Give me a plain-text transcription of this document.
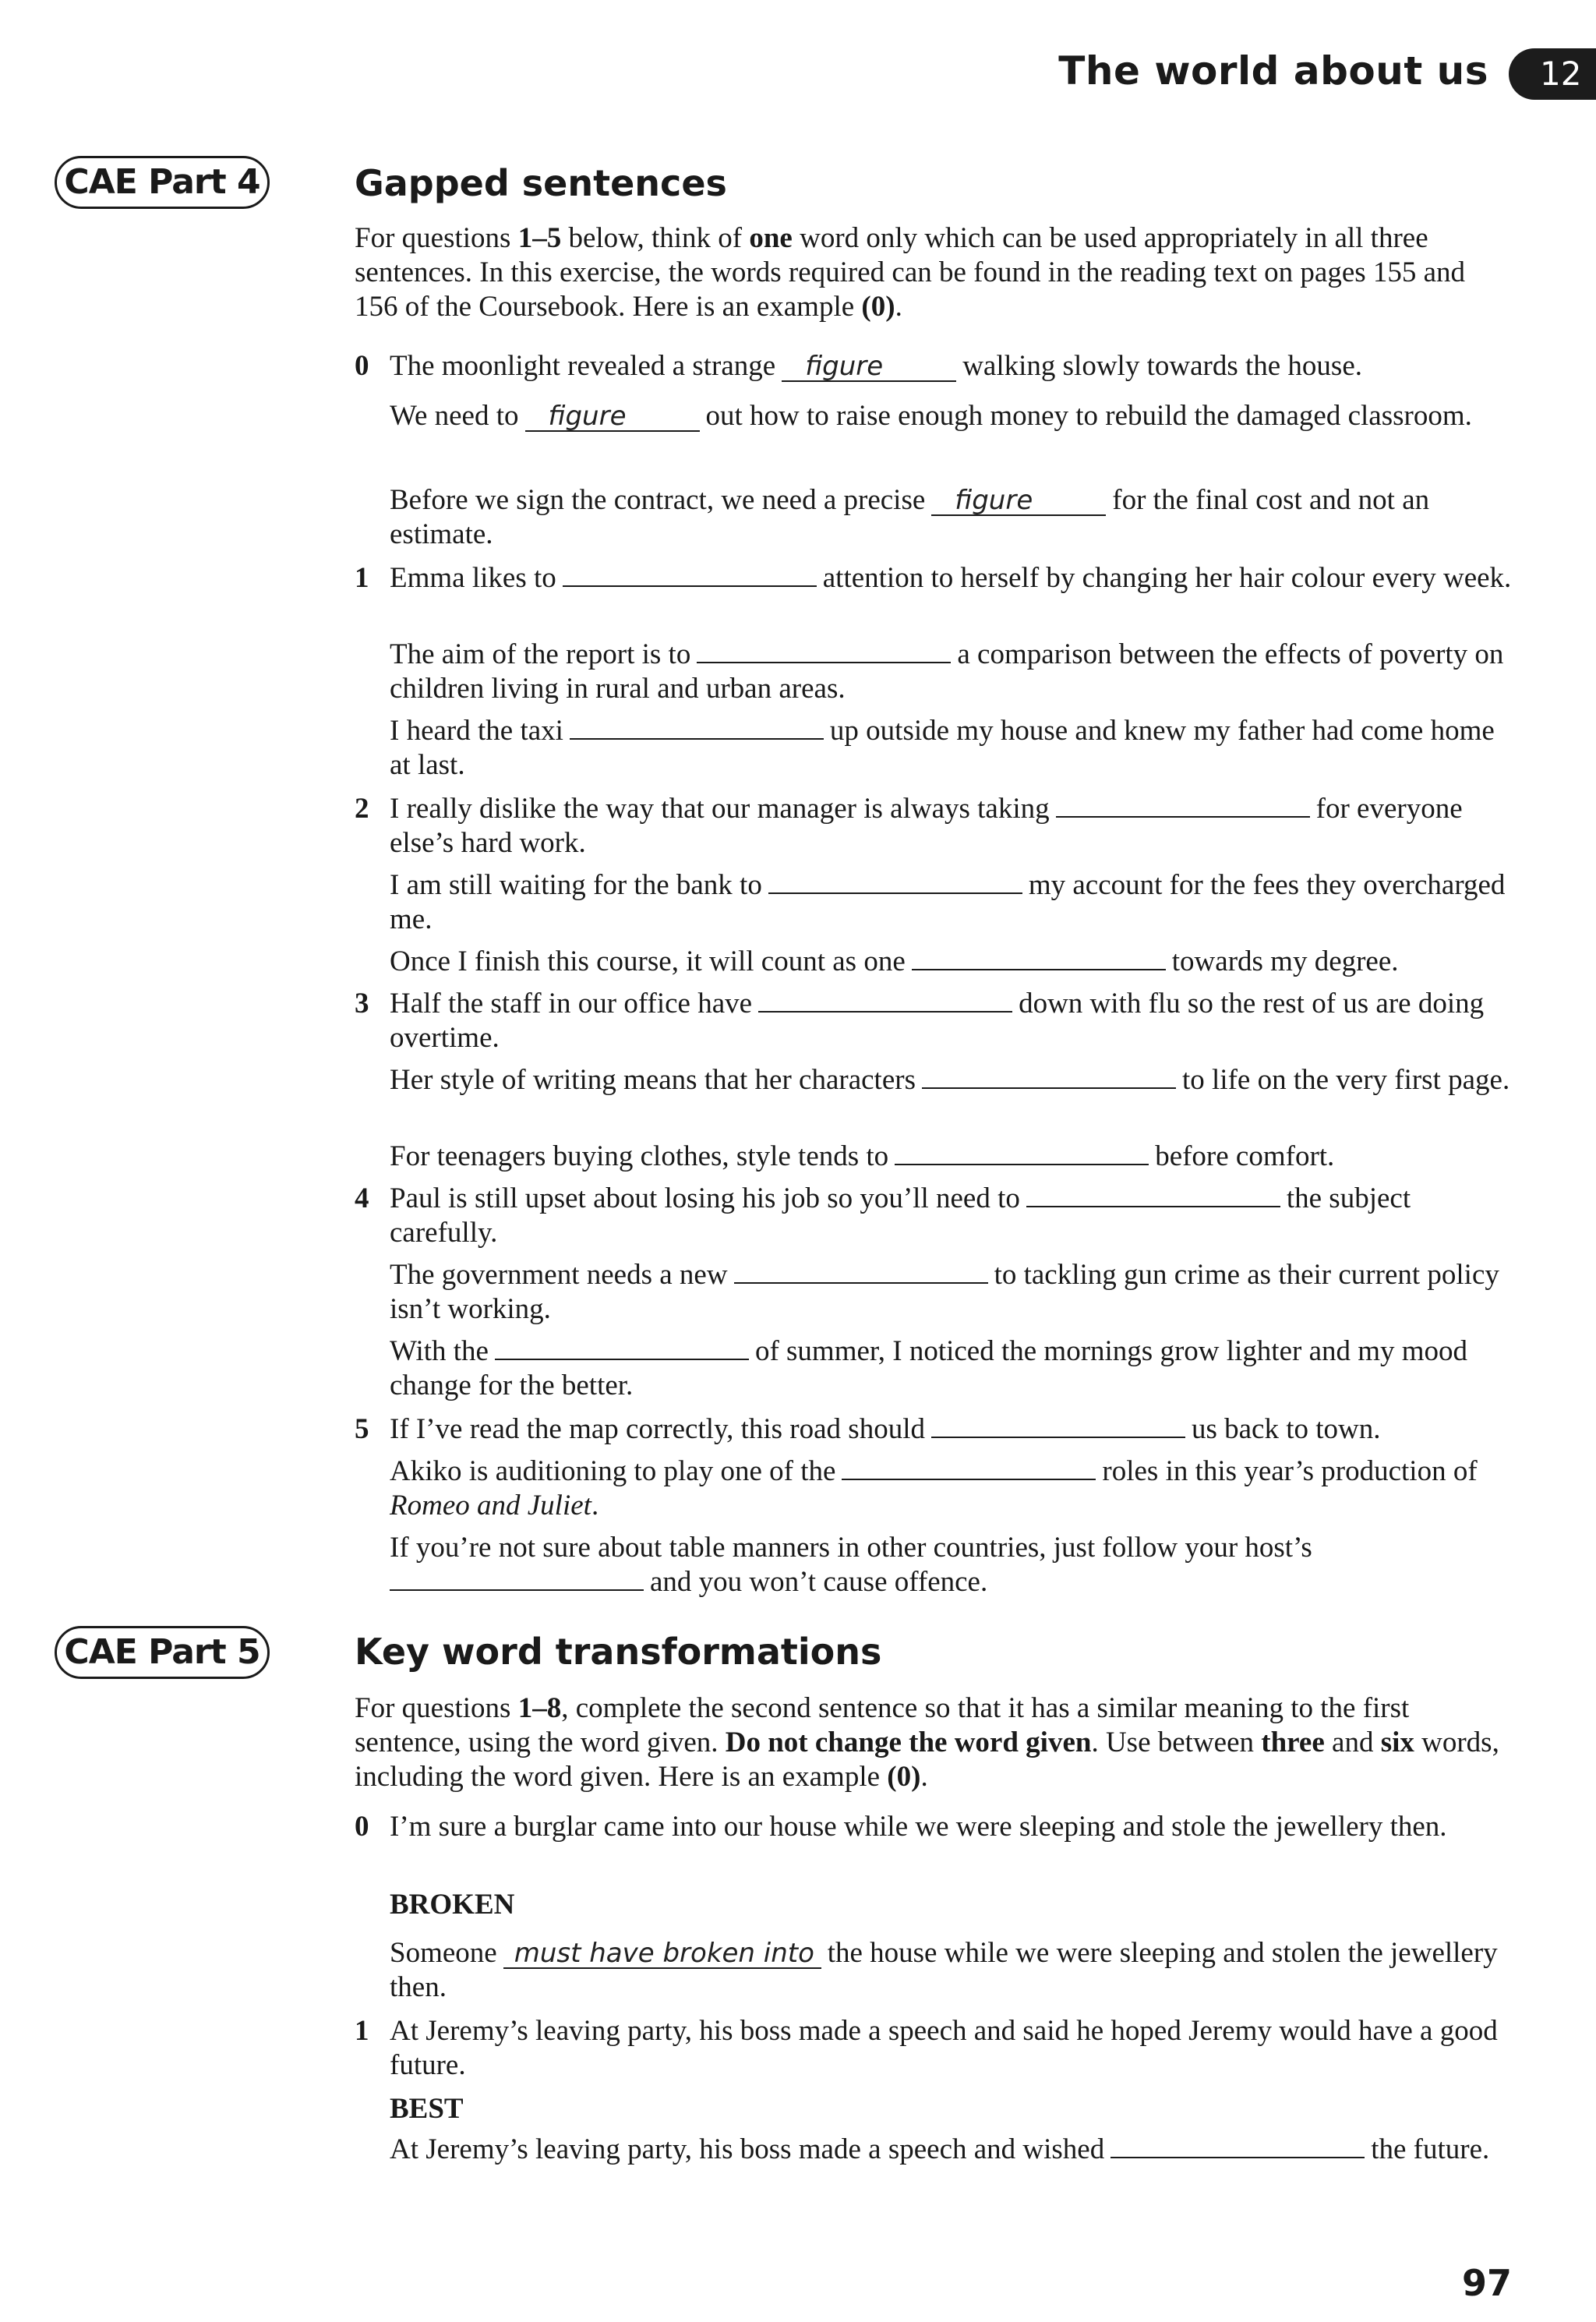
The world about us	12
CAE Part 4	Gapped sentences
For questions 1–5 below, think of one word only which can be used appropriately in all three sentences. In this exercise, the words required can be found in the reading text on pages 155 and 156 of the Coursebook. Here is an example (0).
0 The moonlight revealed a strange figure	walking slowly towards the house.
We need to figure	out how to raise enough money to rebuild the damaged classroom.
Before we sign the contract, we need a precise figure	for the final cost and not an estimate.
1 Emma likes to	attention to herself by changing her hair colour every week.
The aim of the report is to	a comparison between the effects of poverty on children living in rural and urban areas.
I heard the taxi	up outside my house and knew my father had come home at last.
2 I really dislike the way that our manager is always taking	for everyone else’s hard work.
I am still waiting for the bank to	my account for the fees they overcharged me.
Once I finish this course, it will count as one	towards my degree.
3 Half the staff in our office have	down with flu so the rest of us are doing overtime.
Her style of writing means that her characters	to life on the very first page.
For teenagers buying clothes, style tends to	before comfort.
4 Paul is still upset about losing his job so you’ll need to	the subject carefully.
The government needs a new	to tackling gun crime as their current policy isn’t working.
With the	of summer, I noticed the mornings grow lighter and my mood change for the better.
5 If I’ve read the map correctly, this road should	us back to town.
Akiko is auditioning to play one of the	roles in this year’s production of Romeo and Juliet.
If you’re not sure about table manners in other countries, just follow your host’sand you won’t cause offence.
CAE Part 5	Key word transformations
For questions 1–8, complete the second sentence so that it has a similar meaning to the first sentence, using the word given. Do not change the word given. Use between three and six words, including the word given. Here is an example (0).
0 I’m sure a burglar came into our house while we were sleeping and stole the jewellery then.
BROKEN
Someone must have broken into the house while we were sleeping and stolen the jewellery then.
1 At Jeremy’s leaving party, his boss made a speech and said he hoped Jeremy would have a good future.
BEST
At Jeremy’s leaving party, his boss made a speech and wished	the future.
97
